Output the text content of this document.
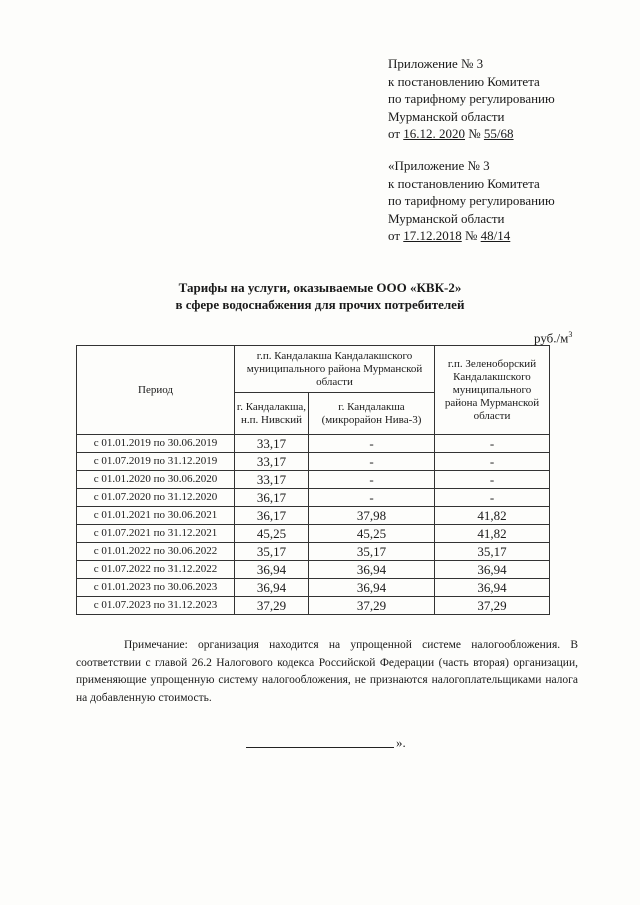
Приложение № 3
к постановлению Комитета
по тарифному регулированию
Мурманской области
от 16.12. 2020 № 55/68
«Приложение № 3
к постановлению Комитета
по тарифному регулированию
Мурманской области
от 17.12.2018 № 48/14
Тарифы на услуги, оказываемые ООО «КВК-2»
в сфере водоснабжения для прочих потребителей
$руб./м^3$
Период	г.п. Кандалакша Кандалакшского муниципального района Мурманской области		г.п. Зеленоборский Кандалакшского муниципального района Мурманской области
	г. Кандалакша, н.п. Нивский	г. Кандалакша (микрорайон Нива-3)	
с 01.01.2019 по 30.06.2019	33,17	-	-
с 01.07.2019 по 31.12.2019	33,17	-	-
с 01.01.2020 по 30.06.2020	33,17	-	-
с 01.07.2020 по 31.12.2020	36,17	-	-
с 01.01.2021 по 30.06.2021	36,17	37,98	41,82
с 01.07.2021 по 31.12.2021	45,25	45,25	41,82
с 01.01.2022 по 30.06.2022	35,17	35,17	35,17
с 01.07.2022 по 31.12.2022	36,94	36,94	36,94
с 01.01.2023 по 30.06.2023	36,94	36,94	36,94
с 01.07.2023 по 31.12.2023	37,29	37,29	37,29
Примечание: организация находится на упрощенной системе налогообложения. В соответствии с главой 26.2 Налогового кодекса Российской Федерации (часть вторая) организации, применяющие упрощенную систему налогообложения, не признаются налогоплательщиками налога на добавленную стоимость.
».
